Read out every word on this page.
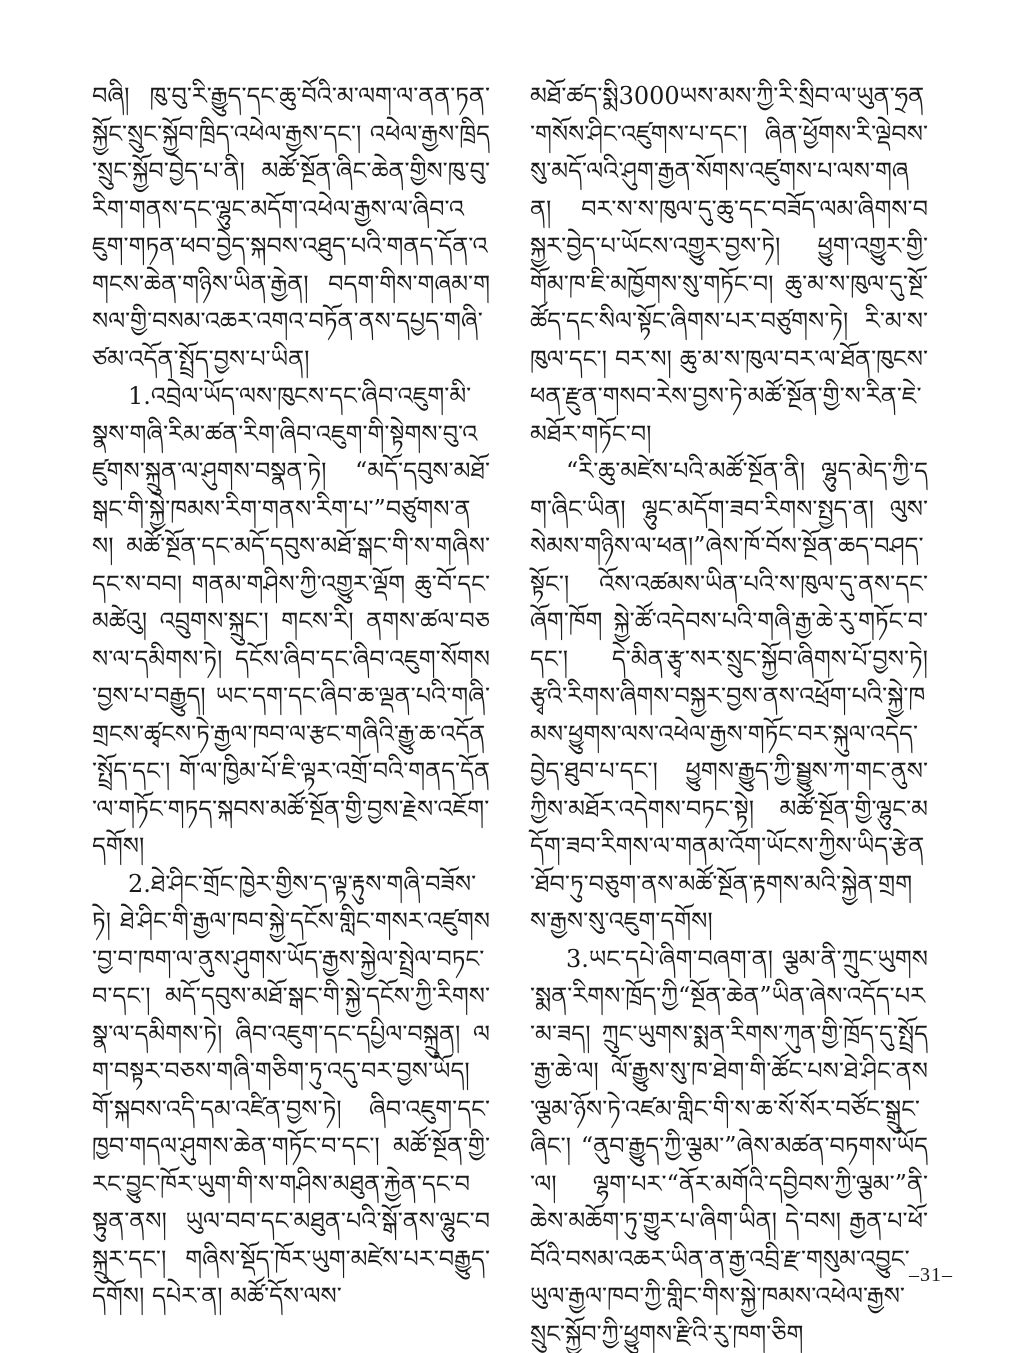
བཞི། ཁུ་བུ་རི་རྒྱུད་དང་ཆུ་བོའི་མ་ལག་ལ་ནན་ཏན་སྐྱོང་སྲུང་སྐྱོབ་ཁྲིད་འཕེལ་རྒྱས་དང་། འཕེལ་རྒྱས་ཁྲིད་སྲུང་སྐྱོབ་བྱེད་པ་ནི། མཚོ་སྔོན་ཞིང་ཆེན་གྱིས་ཁུ་བུ་རིག་གནས་དང་ལྷུང་མདོག་འཕེལ་རྒྱས་ལ་ཞིབ་འཇུག་གཏན་ཕབ་བྱེད་སྐབས་འཐུད་པའི་གནད་དོན་འགངས་ཆེན་གཉིས་ཡིན་རྒྱེན། བདག་གིས་གཞམ་གསལ་གྱི་བསམ་འཆར་འགའ་བཏོན་ནས་དཔྱད་གཞི་ཙམ་འདོན་སྤྲོད་བྱས་པ་ཡིན།

1.འབྲེལ་ཡོད་ལས་ཁུངས་དང་ཞིབ་འཇུག་མི་སྣས་གཞི་རིམ་ཚན་རིག་ཞིབ་འཇུག་གི་སྟེགས་བུ་འཛུགས་སྐྲུན་ལ་ཤུགས་བསྣན་ཏེ། “མདོ་དབུས་མཐོ་སྒང་གི་སྐྱེ་ཁམས་རིག་གནས་རིག་པ་”བཙུགས་ནས། མཚོ་སྔོན་དང་མདོ་དབུས་མཐོ་སྒང་གི་ས་གཞིས་དང་ས་བབ། གནམ་གཤིས་ཀྱི་འགྱུར་ལྡོག ཆུ་བོ་དང་མཚེའུ། འབྲུགས་སྐྲུང་། གངས་རི། ནགས་ཚལ་བཅས་ལ་དམིགས་ཏེ། དངོས་ཞིབ་དང་ཞིབ་འཇུག་སོགས་བྱས་པ་བརྒྱུད། ཡང་དག་དང་ཞིབ་ཆ་ལྡན་པའི་གཞི་གྲངས་ཚྭངས་ཏེ་རྒྱལ་ཁབ་ལ་རྩང་གཞིའི་རྒྱུ་ཆ་འདོན་སྤྲོད་དང་། གོ་ལ་ཁྱིམ་པོ་ཇི་ལྟར་འགྲོ་བའི་གནད་དོན་ལ་གཏོང་གཏད་སྐབས་མཚོ་སྔོན་གྱི་བྱས་རྗེས་འཇོག་དགོས།

2.ཐེ་ཤིང་གྲོང་ཁྱེར་གྱིས་ད་ལྟ་རྟུས་གཞི་བཟོས་ཏེ། ཐེ་ཤིང་གི་རྒྱལ་ཁབ་སྐྱེ་དངོས་གླིང་གསར་འཛུགས་བྱ་བ་ཁག་ལ་ནུས་ཤུགས་ཡོད་རྒྱས་སྐྱེལ་སྤྲེལ་བཏང་བ་དང་། མདོ་དབུས་མཐོ་སྒང་གི་སྐྱེ་དངོས་ཀྱི་རིགས་སྣ་ལ་དམིགས་ཏེ། ཞིབ་འཇུག་དང་དཔྱིལ་བསྐྲུན། ལག་བསྟར་བཅས་གཞི་གཅིག་ཏུ་འདུ་བར་བྱས་ཡོད། གོ་སྐབས་འདི་དམ་འཛིན་བྱས་ཏེ། ཞིབ་འཇུག་དང་ཁྱབ་གདལ་ཤུགས་ཆེན་གཏོང་བ་དང་། མཚོ་སྔོན་གྱི་རང་བྱུང་ཁོར་ཡུག་གི་ས་གཤིས་མཐུན་རྐྱེན་དང་བསྟུན་ནས། ཡུལ་བབ་དང་མཐུན་པའི་སྒོ་ནས་ལྷུང་བསྐྲུར་དང་། གཞིས་སྡོད་ཁོར་ཡུག་མཛེས་པར་བརྒྱུད་དགོས། དཔེར་ན། མཚོ་དོས་ལས་

མཐོ་ཚད་སྨི3000ཡས་མས་ཀྱི་རི་སྲིབ་ལ་ཡུན་ཧྲན་གསོས་ཤིང་འཛུགས་པ་དང་། ཞིན་ཕྱོགས་རི་ལྡེབས་སུ་མདོ་ལའི་ཤུག་རྒྱན་སོགས་འཛུགས་པ་ལས་གཞན། བར་ས་ས་ཁུལ་དུ་ཆུ་དང་བཟོད་ལམ་ཞིགས་བསྐྱར་བྱེད་པ་ཡོངས་འགྱུར་བྱས་ཏེ། ཕྱུག་འགྱུར་གྱི་གོམ་ཁ་ཇི་མཁྱོགས་སུ་གཏོང་བ། ཆུ་མ་ས་ཁུལ་དུ་སྔོ་ཚོད་དང་སིལ་སྟོང་ཞིགས་པར་བཙུགས་ཏེ། རི་མ་ས་ཁུལ་དང་། བར་ས། ཆུ་མ་ས་ཁུལ་བར་ལ་ཐོན་ཁུངས་ཕན་རྫུན་གསབ་རེས་བྱས་ཏེ་མཚོ་སྔོན་གྱི་ས་རིན་ཇེ་མཐོར་གཏོང་བ།

“རི་ཆུ་མཛེས་པའི་མཚོ་སྔོན་ནི། ལྷུད་མེད་ཀྱི་དག་ཞིང་ཡིན། ལྷུང་མདོག་ཟབ་རིགས་སྤྱད་ན། ལུས་སེམས་གཉིས་ལ་ཕན།”ཞེས་ཁོ་བོས་སྔོན་ཆད་བཤད་སྟོང་། འོས་འཚམས་ཡིན་པའི་ས་ཁུལ་དུ་ནས་དང་ཞོག་ཁོག སྐྱེ་ཚོ་འདེབས་པའི་གཞི་རྒྱ་ཆེ་རུ་གཏོང་བ་དང་། དེ་མིན་རྩྭ་སར་སྲུང་སྐྱོབ་ཞིགས་པོ་བྱས་ཏེ། རྩྭའི་རིགས་ཞིགས་བསྐྱར་བྱས་ནས་འཕྲོག་པའི་སྐྱེ་ཁམས་ཕྱུགས་ལས་འཕེལ་རྒྱས་གཏོང་བར་སྐུལ་འདེད་བྱེད་ཐུབ་པ་དང་། ཕྱུགས་རྒྱུད་ཀྱི་སྦྱུས་ཀ་གང་ནུས་ཀྱིས་མཐོར་འདེགས་བཏང་སྟེ། མཚོ་སྔོན་གྱི་ལྷུང་མདོག་ཟབ་རིགས་ལ་གནམ་འོག་ཡོངས་ཀྱིས་ཡིད་རྩེན་ཐོབ་ཏུ་བཅུག་ནས་མཚོ་སྔོན་རྟགས་མའི་སྐྱེན་གྲགས་རྒྱས་སུ་འཇུག་དགོས།

3.ཡང་དཔེ་ཞིག་བཞག་ན། ལྕམ་ནི་ཀྲུང་ཡུགས་སྨན་རིགས་ཁྲོད་ཀྱི“སྔོན་ཆེན”ཡིན་ཞེས་འདོད་པར་མ་ཟད། ཀྲུང་ཡུགས་སྨན་རིགས་ཀུན་གྱི་ཁྲོད་དུ་སྤྲོད་རྒྱ་ཆེ་ལ། ལོ་རྒྱུས་སུ་ཁ་ཐེག་གི་ཚོང་པས་ཐེ་ཤིང་ནས་ལྕམ་ཉོས་ཏེ་འཛམ་གླིང་གི་ས་ཆ་སོ་སོར་བཙོང་སྒྲུང་ཞིང་། “ནུབ་རྒྱུད་ཀྱི་ལྕམ་”ཞེས་མཚན་བཏགས་ཡོད་ལ། ལྷག་པར་“ནོར་མགོའི་དབྱིབས་ཀྱི་ལྕམ་”ནི་ཆེས་མཆོག་ཏུ་གྱུར་པ་ཞིག་ཡིན། དེ་བས། རྒྱན་པ་ཕོ་བོའི་བསམ་འཆར་ཡིན་ན་རྒྱ་འབྲི་རྫ་གསུམ་འབྱུང་ཡུལ་རྒྱལ་ཁབ་ཀྱི་གླིང་གིས་སྐྱེ་ཁམས་འཕེལ་རྒྱས་སྲུང་སྐྱོབ་ཀྱི་ཕྱུགས་རྫིའི་རུ་ཁག་ཅིག

–31–
